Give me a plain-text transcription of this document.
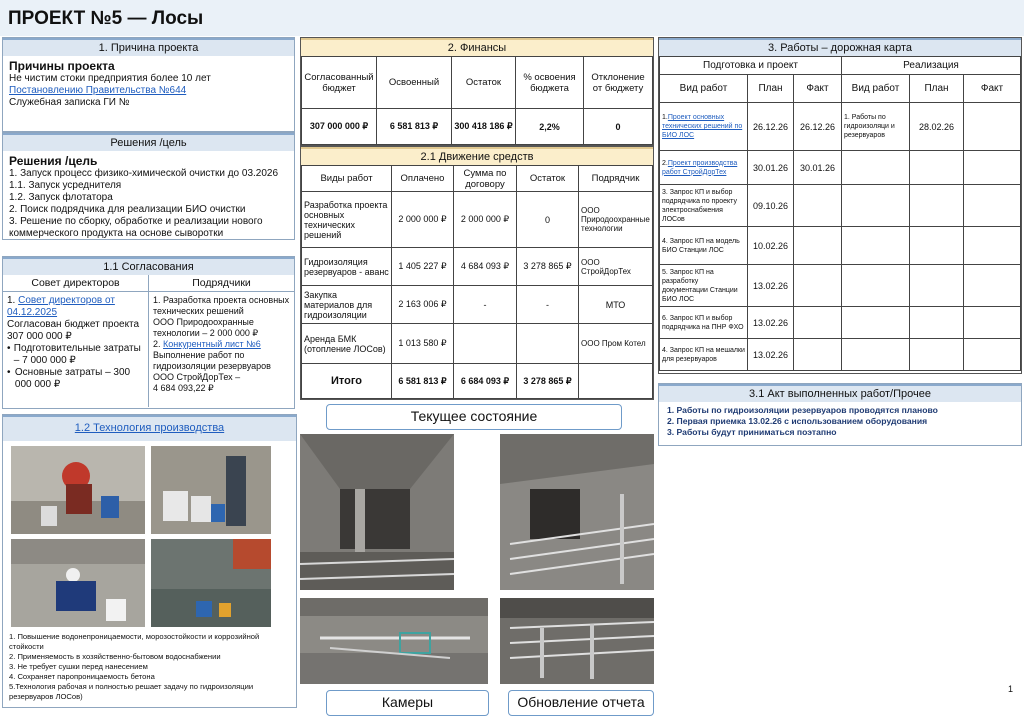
ПРОЕКТ №5 — Лосы
1. Причина проекта
Причины проекта
Не чистим стоки предприятия более 10 лет
Постановлению Правительства №644
Служебная записка ГИ №
Решения /цель
Решения /цель
1. Запуск процесс физико-химической очистки до 03.2026
1.1. Запуск усреднителя
1.2. Запуск флотатора
2. Поиск подрядчика для реализации БИО очистки
3. Решение по сборку, обработке и реализации нового коммерческого продукта на основе сыворотки
1.1 Согласования
Совет директоров	Подрядчики
1. Совет директоров от 04.12.2025
Согласован бюджет проекта 307 000 000 ₽
• Подготовительные затраты – 7 000 000 ₽
• Основные затраты – 300 000 000 ₽
1. Разработка проекта основных технических решений
ООО Природоохранные технологии – 2 000 000 ₽
2. Конкурентный лист №6
Выполнение работ по гидроизоляции резервуаров ООО СтройДорТех –
4 684 093,22 ₽
1.2 Технология производства
1. Повышение водонепроницаемости, морозостойкости и коррозийной стойкости
2. Применяемость в хозяйственно-бытовом водоснабжении
3. Не требует сушки перед нанесением
4. Сохраняет паропроницаемость бетона
5.Технология рабочая и полностью решает задачу по гидроизоляции резервуаров ЛОСов)
2. Финансы
Согласованный бюджет	Освоенный	Остаток	% освоения бюджета	Отклонение от бюджету
307 000 000 ₽	6 581 813 ₽	300 418 186 ₽	2,2%	0
2.1 Движение средств
Виды работ	Оплачено	Сумма по договору	Остаток	Подрядчик
Разработка проекта основных технических решений	2 000 000 ₽	2 000 000 ₽	0	ООО Природоохранные технологии
Гидроизоляция резервуаров - аванс	1 405 227 ₽	4 684 093 ₽	3 278 865 ₽	ООО СтройДорТех
Закупка материалов для гидроизоляции	2 163 006 ₽	-	-	МТО
Аренда БМК (отопление ЛОСов)	1 013 580 ₽			ООО Пром Котел
Итого	6 581 813 ₽	6 684 093 ₽	3 278 865 ₽	
3. Работы – дорожная карта
Подготовка и проект			Реализация		
Вид работ	План	Факт	Вид работ	План	Факт
1.Проект основных технических решений по БИО ЛОС	26.12.26	26.12.26	1. Работы по гидроизоляци и резервуаров	28.02.26	
2.Проект производства работ СтройДорТех	30.01.26	30.01.26			
3. Запрос КП и выбор подрядчика по проекту электроснабжения ЛОСов	09.10.26				
4. Запрос КП на модель БИО Станции ЛОС	10.02.26				
5. Запрос КП на разработку документации Станции БИО ЛОС	13.02.26				
6. Запрос КП и выбор подрядчика на ПНР ФХО	13.02.26				
4. Запрос КП на мешалки для резервуаров	13.02.26				
3.1 Акт выполненных работ/Прочее
1. Работы по гидроизоляции резервуаров проводятся планово
2. Первая приемка 13.02.26 с использованием оборудования
3. Работы будут приниматься поэтапно
Текущее состояние
Камеры	Обновление отчета
1
